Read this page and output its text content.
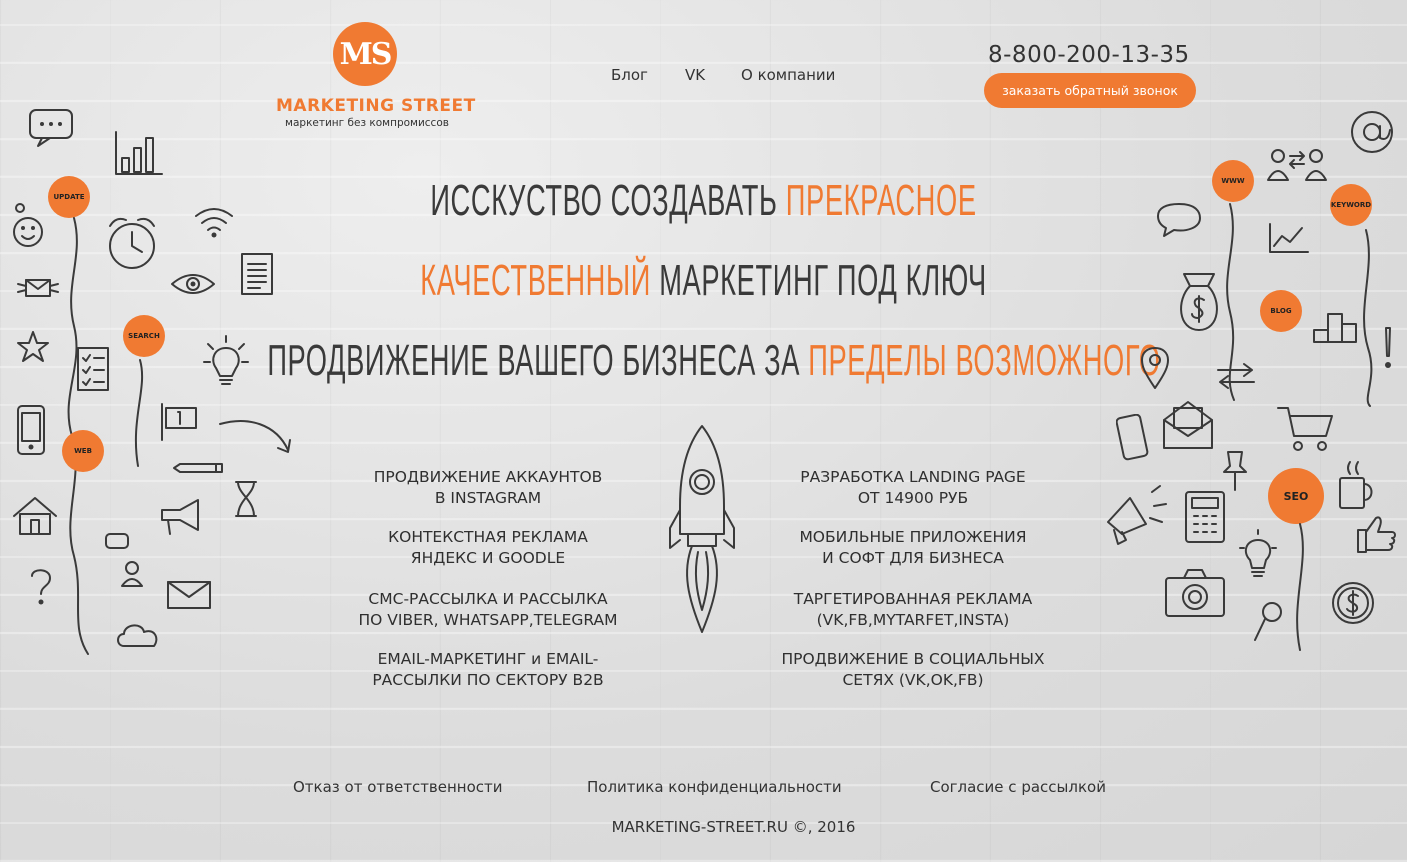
MS
MARKETING STREET
маркетинг без компромиссов
Блог VK О компании
8-800-200-13-35
заказать обратный звонок
ИССКУСТВО СОЗДАВАТЬ ПРЕКРАСНОЕ
КАЧЕСТВЕННЫЙ МАРКЕТИНГ ПОД КЛЮЧ
ПРОДВИЖЕНИЕ ВАШЕГО БИЗНЕСА ЗА ПРЕДЕЛЫ ВОЗМОЖНОГО
ПРОДВИЖЕНИЕ АККАУНТОВ
В INSTAGRAM
КОНТЕКСТНАЯ РЕКЛАМА
ЯНДЕКС И GOODLE
СМС-РАССЫЛКА И РАССЫЛКА
ПО VIBER, WHATSAPP,TELEGRAM
EMAIL-МАРКЕТИНГ и EMAIL-
РАССЫЛКИ ПО СЕКТОРУ B2B
РАЗРАБОТКА LANDING PAGE
ОТ 14900 РУБ
МОБИЛЬНЫЕ ПРИЛОЖЕНИЯ
И СОФТ ДЛЯ БИЗНЕСА
ТАРГЕТИРОВАННАЯ РЕКЛАМА
(VK,FB,MYTARFET,INSTA)
ПРОДВИЖЕНИЕ В СОЦИАЛЬНЫХ
СЕТЯХ (VK,OK,FB)
UPDATE
SEARCH
WEB
WWW
KEYWORD
BLOG
SEO
Отказ от ответственности	Политика конфиденциальности	Согласие с рассылкой
MARKETING-STREET.RU ©, 2016
